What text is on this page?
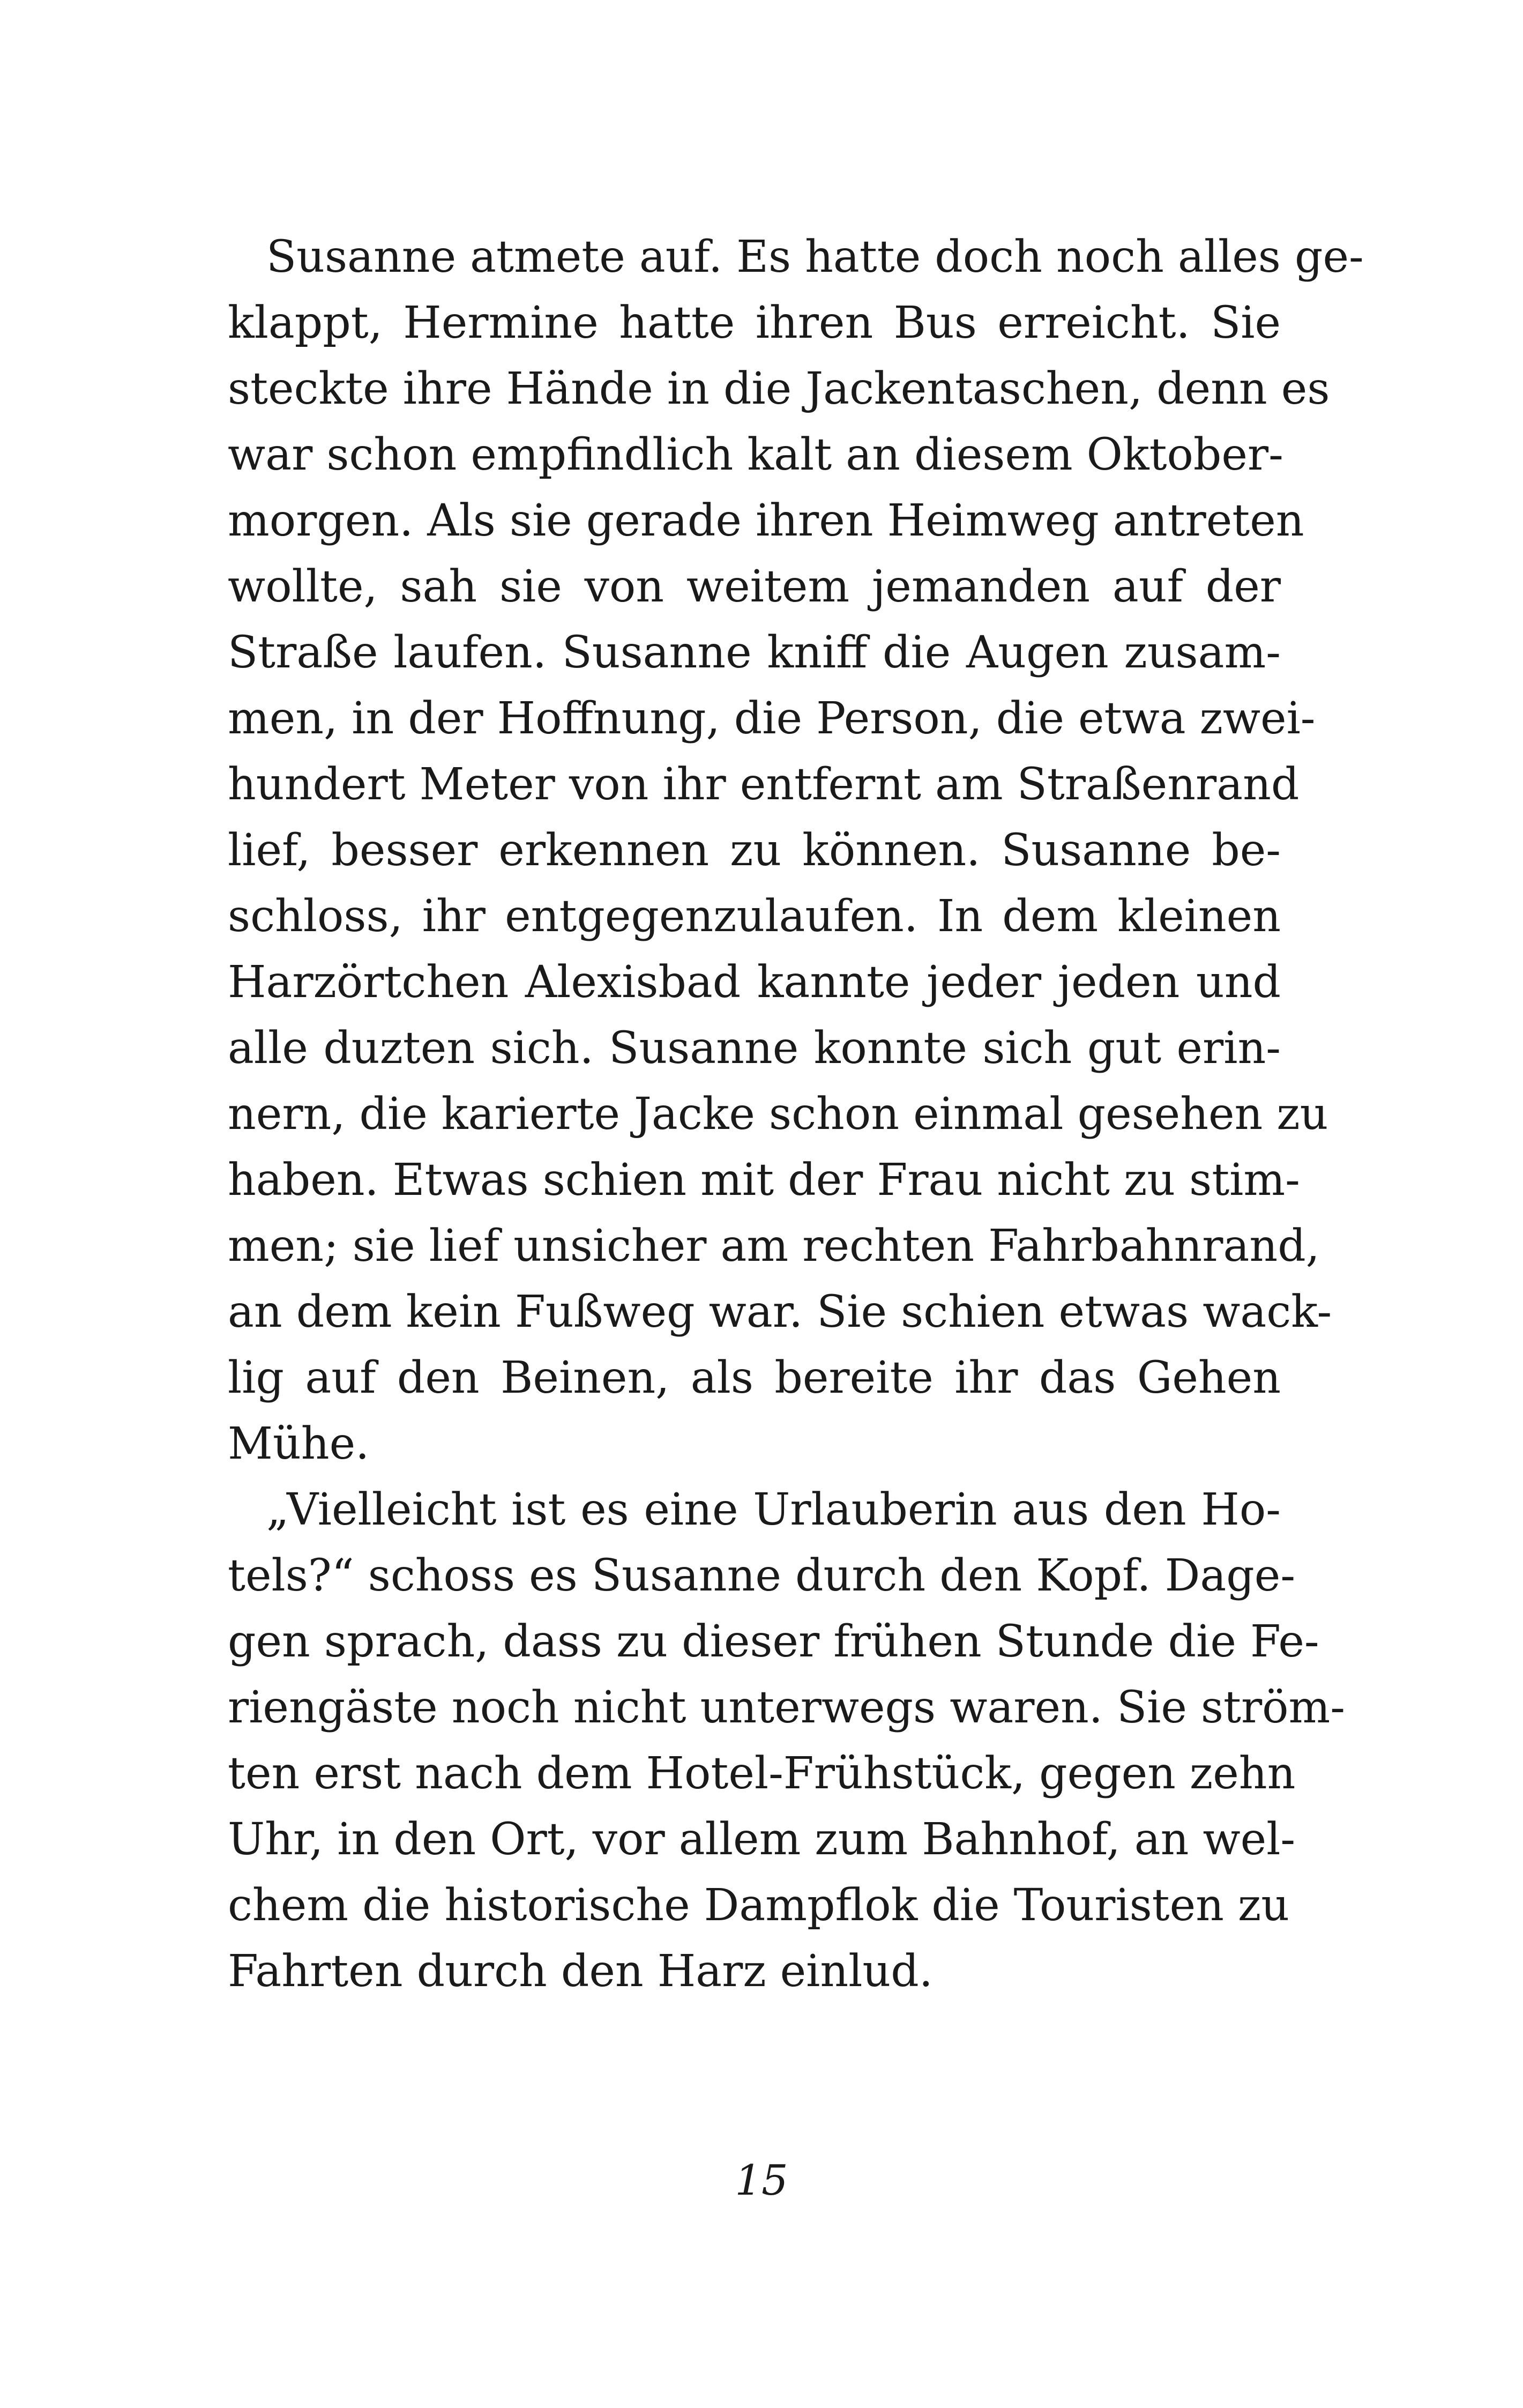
Susanne atmete auf. Es hatte doch noch alles ge-
klappt, Hermine hatte ihren Bus erreicht. Sie
steckte ihre Hände in die Jackentaschen, denn es
war schon empfindlich kalt an diesem Oktober-
morgen. Als sie gerade ihren Heimweg antreten
wollte, sah sie von weitem jemanden auf der
Straße laufen. Susanne kniff die Augen zusam-
men, in der Hoffnung, die Person, die etwa zwei-
hundert Meter von ihr entfernt am Straßenrand
lief, besser erkennen zu können. Susanne be-
schloss, ihr entgegenzulaufen. In dem kleinen
Harzörtchen Alexisbad kannte jeder jeden und
alle duzten sich. Susanne konnte sich gut erin-
nern, die karierte Jacke schon einmal gesehen zu
haben. Etwas schien mit der Frau nicht zu stim-
men; sie lief unsicher am rechten Fahrbahnrand,
an dem kein Fußweg war. Sie schien etwas wack-
lig auf den Beinen, als bereite ihr das Gehen
Mühe.
„Vielleicht ist es eine Urlauberin aus den Ho-
tels?“ schoss es Susanne durch den Kopf. Dage-
gen sprach, dass zu dieser frühen Stunde die Fe-
riengäste noch nicht unterwegs waren. Sie ström-
ten erst nach dem Hotel-Frühstück, gegen zehn
Uhr, in den Ort, vor allem zum Bahnhof, an wel-
chem die historische Dampflok die Touristen zu
Fahrten durch den Harz einlud.
15
